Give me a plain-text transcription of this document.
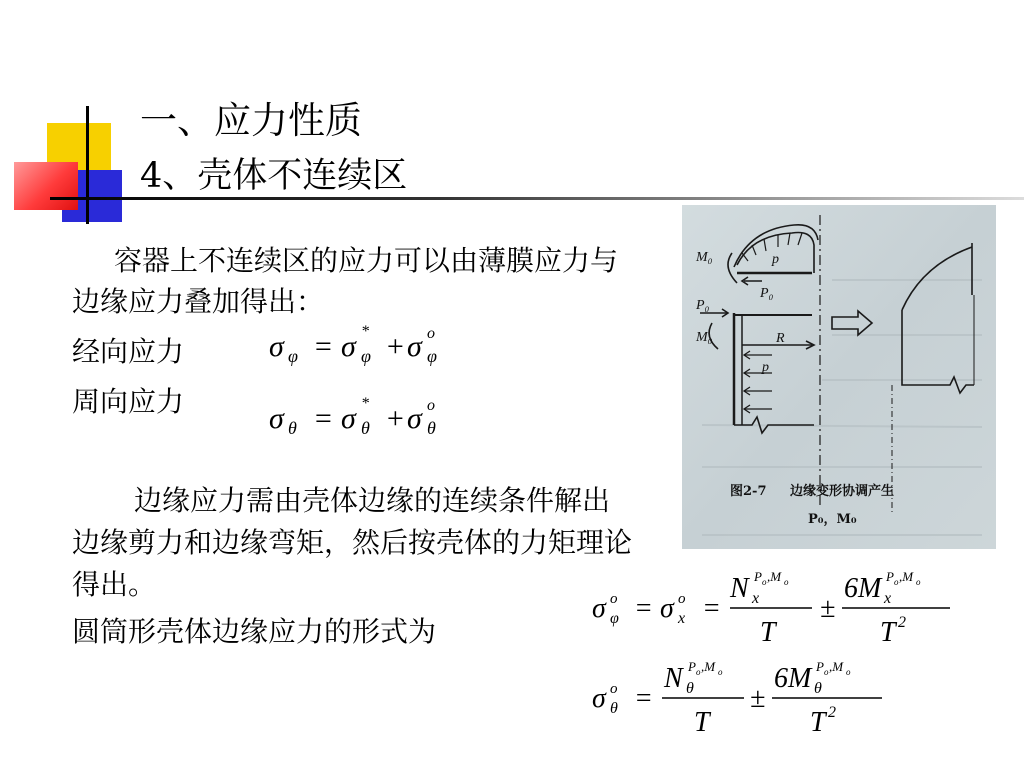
一、应力性质
4、壳体不连续区
容器上不连续区的应力可以由薄膜应力与边缘应力叠加得出：
经向应力
周向应力
边缘应力需由壳体边缘的连续条件解出边缘剪力和边缘弯矩，然后按壳体的力矩理论得出。
圆筒形壳体边缘应力的形式为
σ φ = σ φ
* + σ φ
o
σ θ = σ θ
* + σ θ
o
σ φ
o = σ x
o =
N x
P o ,M o
T
±
6 M x
P o ,M o
T 2
σ θ
o =
N θ
P o ,M o
T
±
6 M θ
P o ,M o
T 2
M₀	p
P₀
P₀
M₀	R
p
图2-7 边缘变形协调产生
P₀，M₀
